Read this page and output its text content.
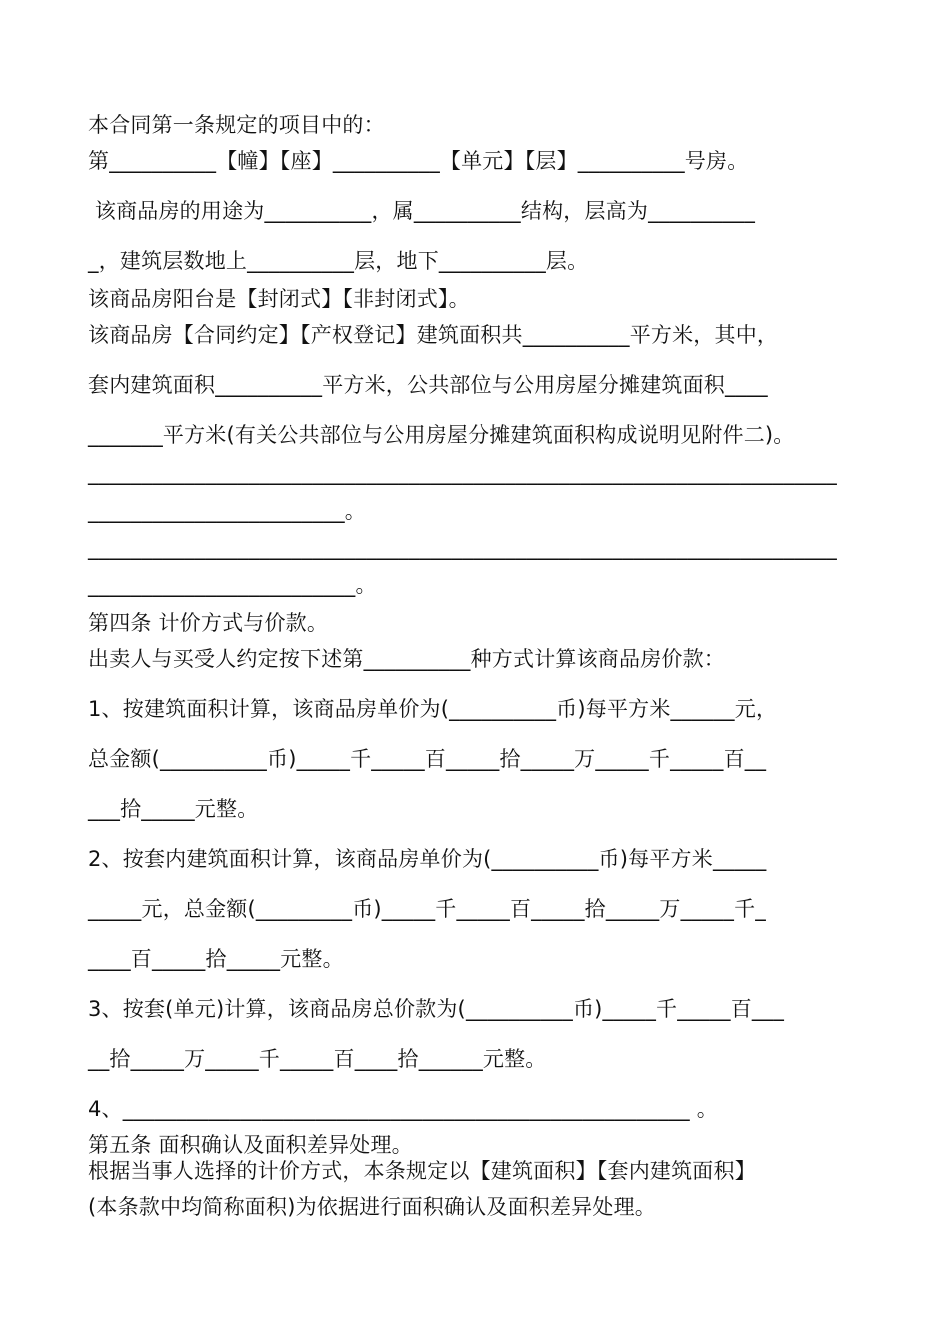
本合同第一条规定的项目中的：
第__________【幢】【座】__________【单元】【层】__________号房。
该商品房的用途为__________，属__________结构，层高为__________
_，建筑层数地上__________层，地下__________层。
该商品房阳台是【封闭式】【非封闭式】。
该商品房【合同约定】【产权登记】建筑面积共__________平方米，其中，
套内建筑面积__________平方米，公共部位与公用房屋分摊建筑面积____
_______平方米(有关公共部位与公用房屋分摊建筑面积构成说明见附件二)。
______________________________________________________________________
________________________。
______________________________________________________________________
_________________________。
第四条 计价方式与价款。
出卖人与买受人约定按下述第__________种方式计算该商品房价款：
1、按建筑面积计算，该商品房单价为(__________币)每平方米______元，
总金额(__________币)_____千_____百_____拾_____万_____千_____百__
___拾_____元整。
2、按套内建筑面积计算，该商品房单价为(__________币)每平方米_____
_____元，总金额(_________币)_____千_____百_____拾_____万_____千_
____百_____拾_____元整。
3、按套(单元)计算，该商品房总价款为(__________币)_____千_____百___
__拾_____万_____千_____百____拾______元整。
4、_____________________________________________________ 。
第五条 面积确认及面积差异处理。
根据当事人选择的计价方式，本条规定以【建筑面积】【套内建筑面积】
(本条款中均简称面积)为依据进行面积确认及面积差异处理。
